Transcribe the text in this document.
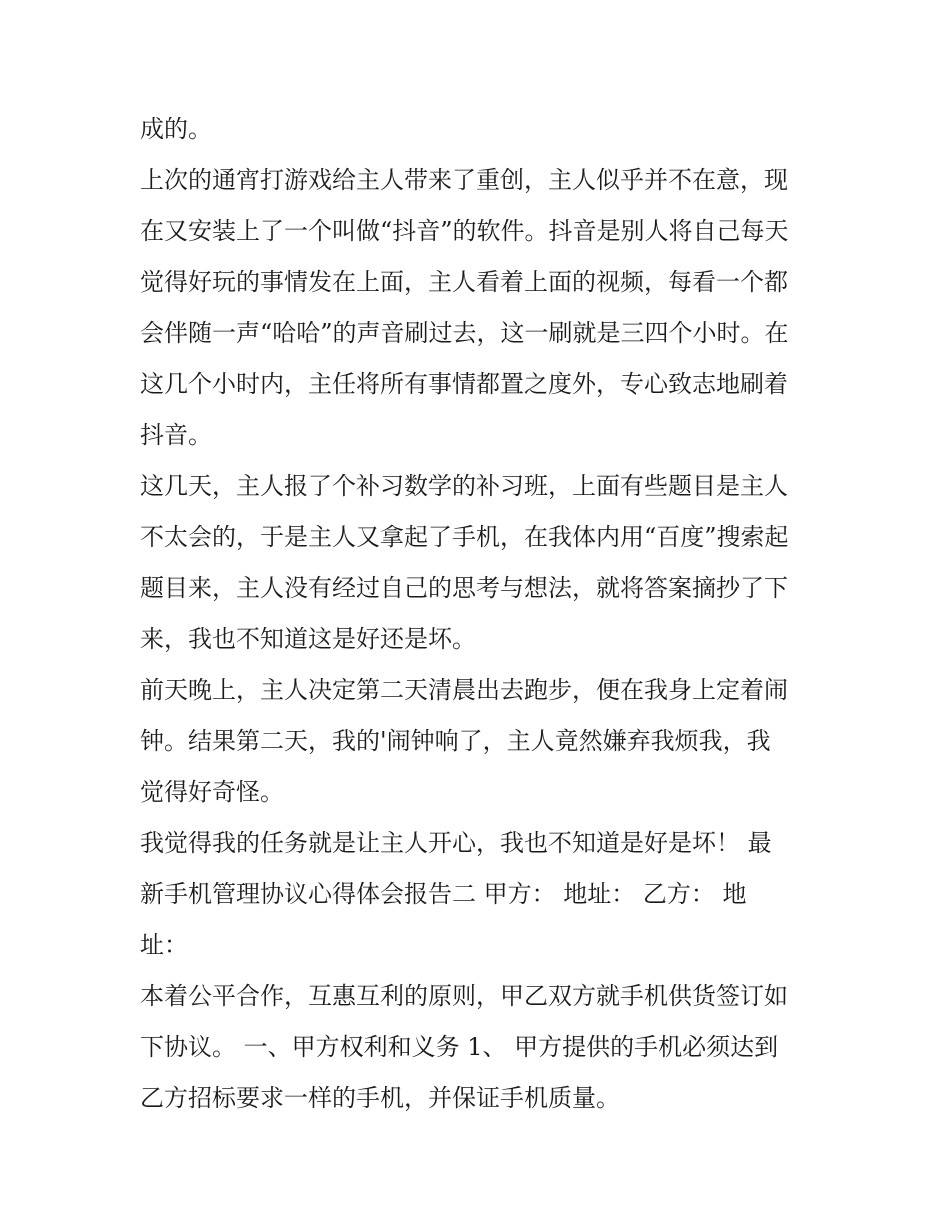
成的。
上次的通宵打游戏给主人带来了重创，主人似乎并不在意，现
在又安装上了一个叫做“抖音”的软件。抖音是别人将自己每天
觉得好玩的事情发在上面，主人看着上面的视频，每看一个都
会伴随一声“哈哈”的声音刷过去，这一刷就是三四个小时。在
这几个小时内，主任将所有事情都置之度外，专心致志地刷着
抖音。
这几天，主人报了个补习数学的补习班，上面有些题目是主人
不太会的，于是主人又拿起了手机，在我体内用“百度”搜索起
题目来，主人没有经过自己的思考与想法，就将答案摘抄了下
来，我也不知道这是好还是坏。
前天晚上，主人决定第二天清晨出去跑步，便在我身上定着闹
钟。结果第二天，我的'闹钟响了，主人竟然嫌弃我烦我，我
觉得好奇怪。
我觉得我的任务就是让主人开心，我也不知道是好是坏！ 最
新手机管理协议心得体会报告二 甲方： 地址： 乙方： 地
址：
本着公平合作，互惠互利的原则，甲乙双方就手机供货签订如
下协议。 一、甲方权利和义务 1、 甲方提供的手机必须达到
乙方招标要求一样的手机，并保证手机质量。
